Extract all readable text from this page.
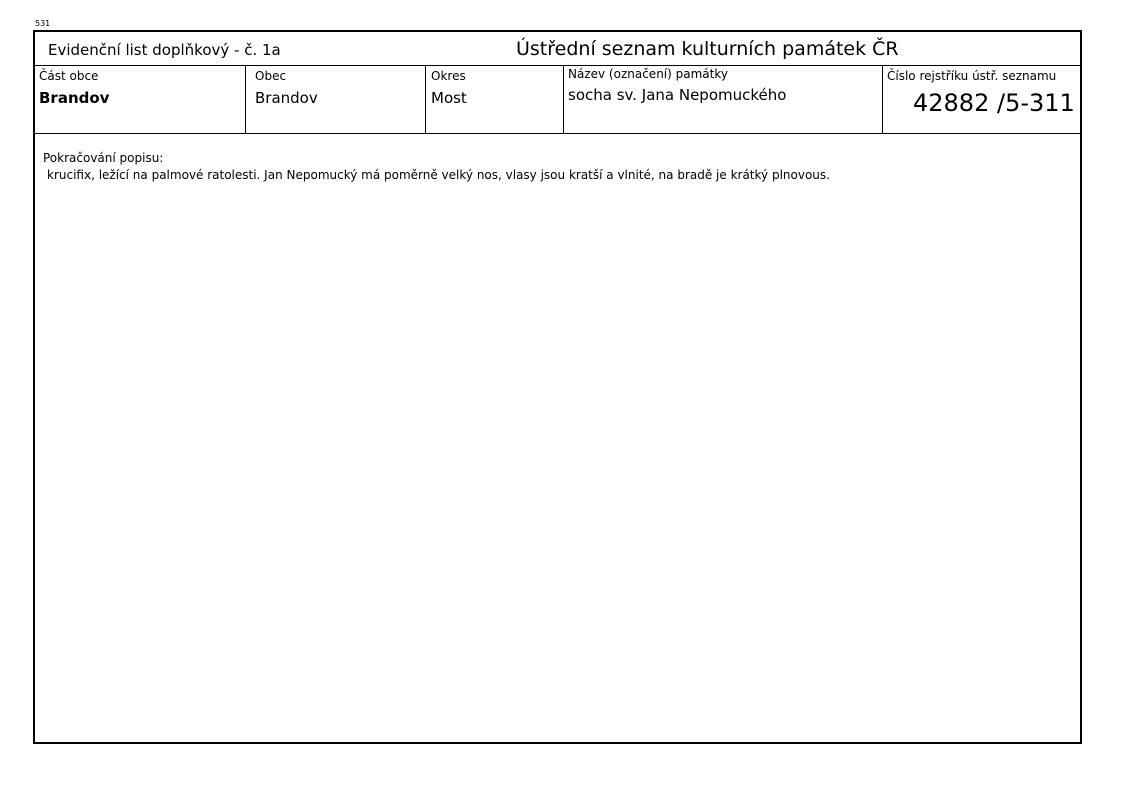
531
Evidenční list doplňkový - č. 1a	Ústřední seznam kulturních památek ČR
Část obce
Brandov
Obec
Brandov
Okres
Most
Název (označení) památky
socha sv. Jana Nepomuckého
Číslo rejstříku ústř. seznamu
42882 /5-311
Pokračování popisu:
krucifix, ležící na palmové ratolesti. Jan Nepomucký má poměrně velký nos, vlasy jsou kratší a vlnité, na bradě je krátký plnovous.
